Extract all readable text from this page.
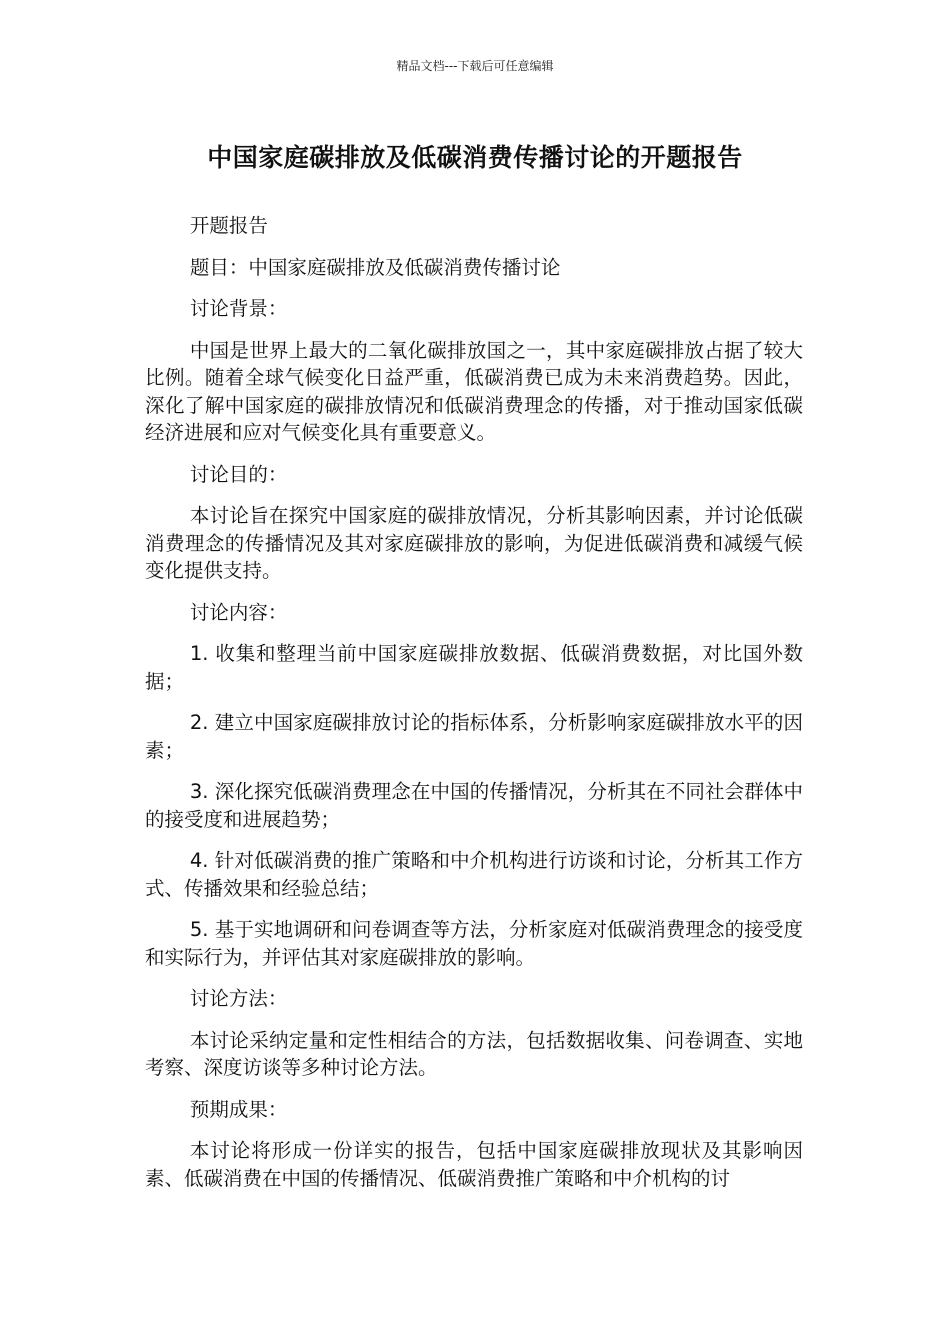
精品文档---下载后可任意编辑
中国家庭碳排放及低碳消费传播讨论的开题报告

开题报告

题目：中国家庭碳排放及低碳消费传播讨论

讨论背景：

中国是世界上最大的二氧化碳排放国之一，其中家庭碳排放占据了较大比例。随着全球气候变化日益严重，低碳消费已成为未来消费趋势。因此，深化了解中国家庭的碳排放情况和低碳消费理念的传播，对于推动国家低碳经济进展和应对气候变化具有重要意义。

讨论目的：

本讨论旨在探究中国家庭的碳排放情况，分析其影响因素，并讨论低碳消费理念的传播情况及其对家庭碳排放的影响，为促进低碳消费和减缓气候变化提供支持。

讨论内容：

1. 收集和整理当前中国家庭碳排放数据、低碳消费数据，对比国外数据；

2. 建立中国家庭碳排放讨论的指标体系，分析影响家庭碳排放水平的因素；

3. 深化探究低碳消费理念在中国的传播情况，分析其在不同社会群体中的接受度和进展趋势；

4. 针对低碳消费的推广策略和中介机构进行访谈和讨论，分析其工作方式、传播效果和经验总结；

5. 基于实地调研和问卷调查等方法，分析家庭对低碳消费理念的接受度和实际行为，并评估其对家庭碳排放的影响。

讨论方法：

本讨论采纳定量和定性相结合的方法，包括数据收集、问卷调查、实地考察、深度访谈等多种讨论方法。

预期成果：

本讨论将形成一份详实的报告，包括中国家庭碳排放现状及其影响因素、低碳消费在中国的传播情况、低碳消费推广策略和中介机构的讨
